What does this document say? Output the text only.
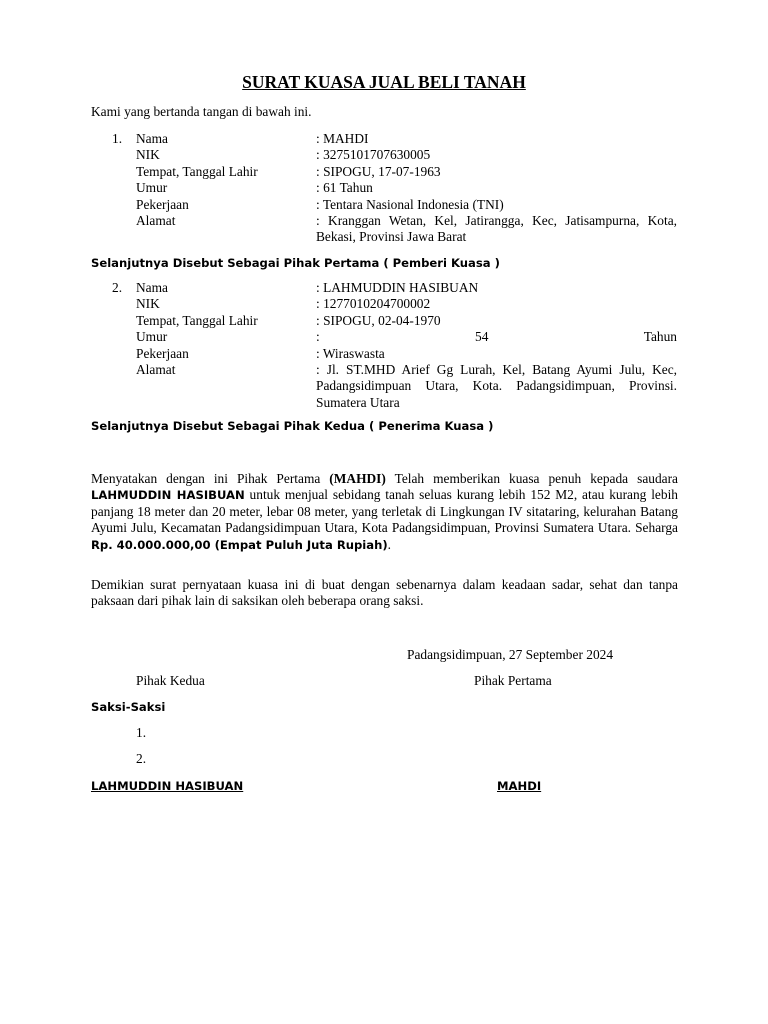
SURAT KUASA JUAL BELI TANAH
Kami yang bertanda tangan di bawah ini.
1. Nama	: MAHDI
NIK	: 3275101707630005
Tempat, Tanggal Lahir	: SIPOGU, 17-07-1963
Umur	: 61 Tahun
Pekerjaan	: Tentara Nasional Indonesia (TNI)
Alamat	: Kranggan Wetan, Kel, Jatirangga, Kec, Jatisampurna, Kota, Bekasi, Provinsi Jawa Barat
Selanjutnya Disebut Sebagai Pihak Pertama ( Pemberi Kuasa )
2. Nama	: LAHMUDDIN HASIBUAN
NIK	: 1277010204700002
Tempat, Tanggal Lahir	: SIPOGU, 02-04-1970
Umur	:	54	Tahun
Pekerjaan	: Wiraswasta
Alamat	: Jl. ST.MHD Arief Gg Lurah, Kel, Batang Ayumi Julu, Kec, Padangsidimpuan Utara, Kota. Padangsidimpuan, Provinsi. Sumatera Utara
Selanjutnya Disebut Sebagai Pihak Kedua ( Penerima Kuasa )
Menyatakan dengan ini Pihak Pertama (MAHDI) Telah memberikan kuasa penuh kepada saudara LAHMUDDIN HASIBUAN untuk menjual sebidang tanah seluas kurang lebih 152 M2, atau kurang lebih panjang 18 meter dan 20 meter, lebar 08 meter, yang terletak di Lingkungan IV sitataring, kelurahan Batang Ayumi Julu, Kecamatan Padangsidimpuan Utara, Kota Padangsidimpuan, Provinsi Sumatera Utara. Seharga Rp. 40.000.000,00 (Empat Puluh Juta Rupiah).
Demikian surat pernyataan kuasa ini di buat dengan sebenarnya dalam keadaan sadar, sehat dan tanpa paksaan dari pihak lain di saksikan oleh beberapa orang saksi.
Padangsidimpuan, 27 September 2024
Pihak Kedua	Pihak Pertama
Saksi-Saksi
1.
2.
LAHMUDDIN HASIBUAN	MAHDI
